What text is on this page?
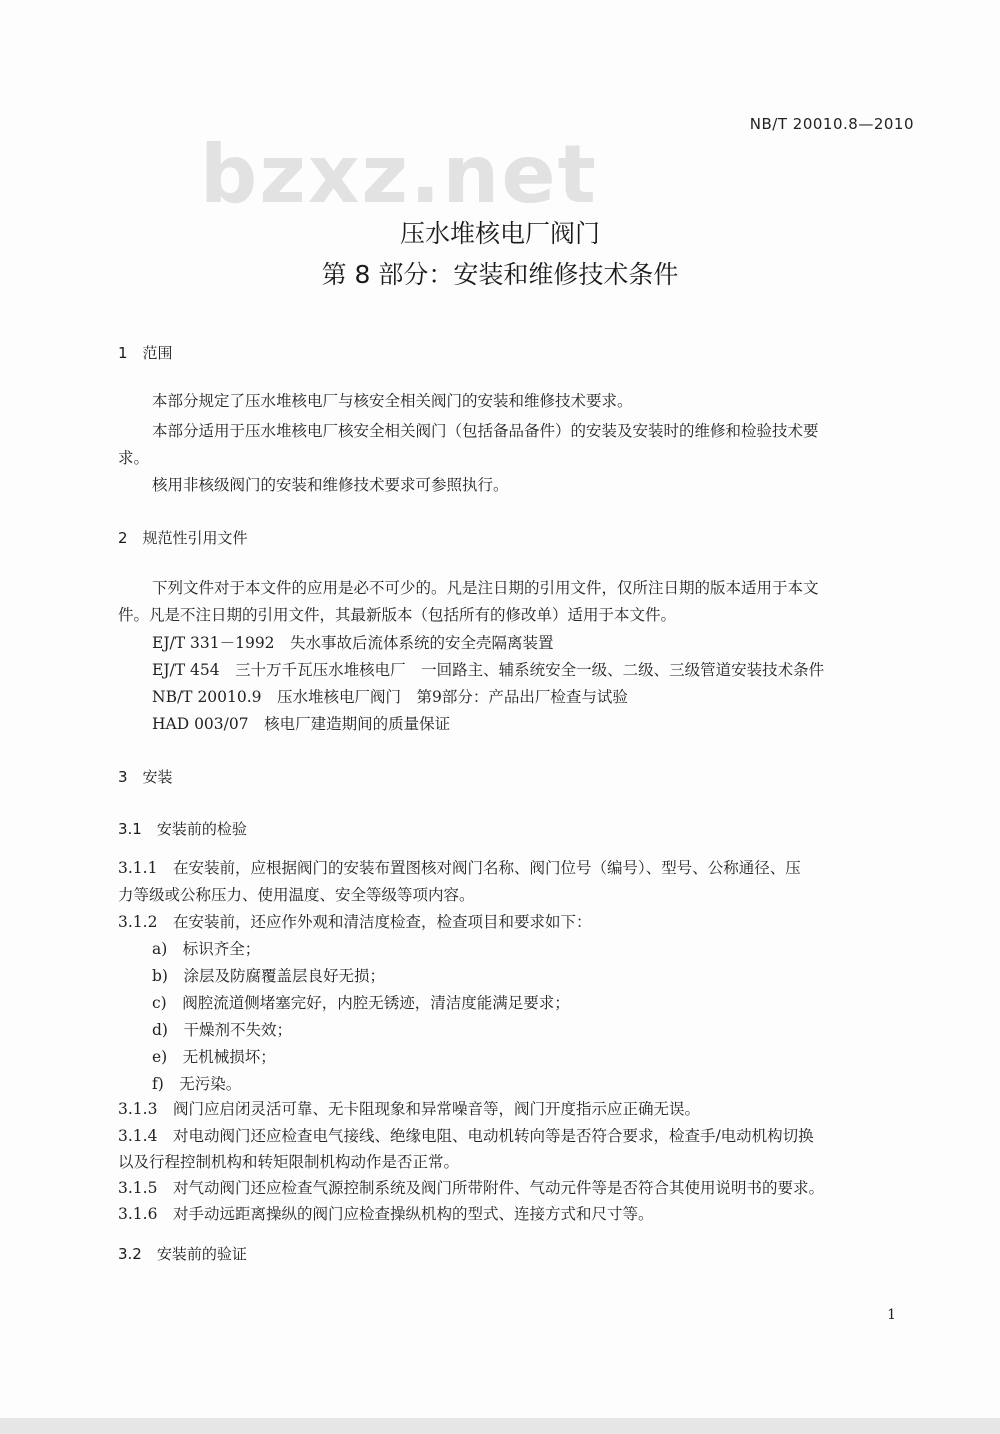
NB/T 20010.8—2010
bzxz.net
压水堆核电厂阀门
第 8 部分：安装和维修技术条件
1　范围
本部分规定了压水堆核电厂与核安全相关阀门的安装和维修技术要求。
本部分适用于压水堆核电厂核安全相关阀门（包括备品备件）的安装及安装时的维修和检验技术要
求。
核用非核级阀门的安装和维修技术要求可参照执行。
2　规范性引用文件
下列文件对于本文件的应用是必不可少的。凡是注日期的引用文件，仅所注日期的版本适用于本文
件。凡是不注日期的引用文件，其最新版本（包括所有的修改单）适用于本文件。
EJ/T 331－1992　失水事故后流体系统的安全壳隔离装置
EJ/T 454　三十万千瓦压水堆核电厂　一回路主、辅系统安全一级、二级、三级管道安装技术条件
NB/T 20010.9　压水堆核电厂阀门　第9部分：产品出厂检查与试验
HAD 003/07　核电厂建造期间的质量保证
3　安装
3.1　安装前的检验
3.1.1　在安装前，应根据阀门的安装布置图核对阀门名称、阀门位号（编号）、型号、公称通径、压
力等级或公称压力、使用温度、安全等级等项内容。
3.1.2　在安装前，还应作外观和清洁度检查，检查项目和要求如下：
a)　标识齐全；
b)　涂层及防腐覆盖层良好无损；
c)　阀腔流道侧堵塞完好，内腔无锈迹，清洁度能满足要求；
d)　干燥剂不失效；
e)　无机械损坏；
f)　无污染。
3.1.3　阀门应启闭灵活可靠、无卡阻现象和异常噪音等，阀门开度指示应正确无误。
3.1.4　对电动阀门还应检查电气接线、绝缘电阻、电动机转向等是否符合要求，检查手/电动机构切换
以及行程控制机构和转矩限制机构动作是否正常。
3.1.5　对气动阀门还应检查气源控制系统及阀门所带附件、气动元件等是否符合其使用说明书的要求。
3.1.6　对手动远距离操纵的阀门应检查操纵机构的型式、连接方式和尺寸等。
3.2　安装前的验证
1
